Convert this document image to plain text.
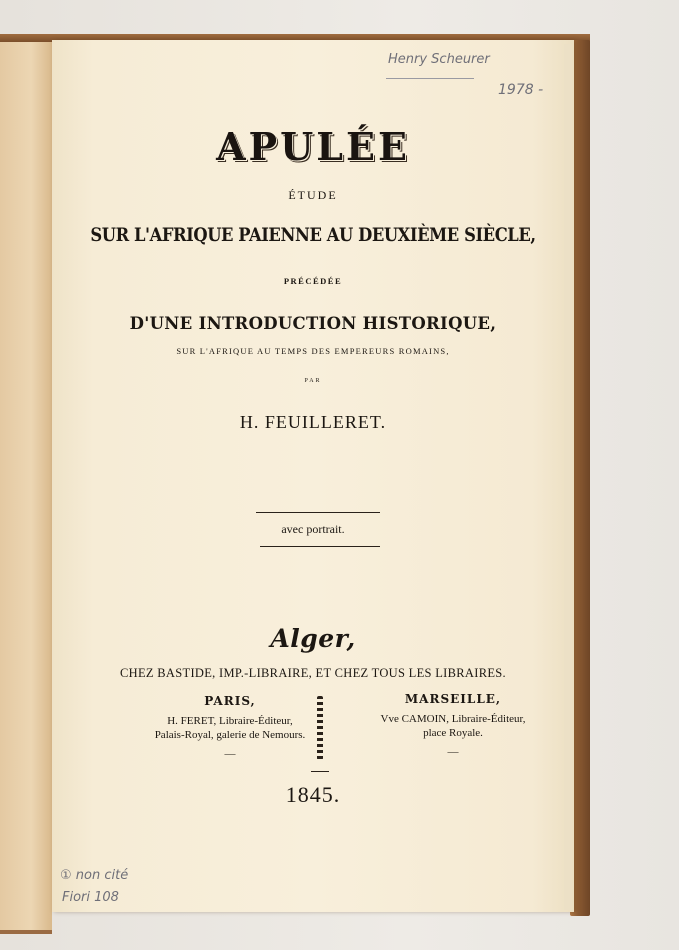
APULÉE
ÉTUDE
SUR L'AFRIQUE PAIENNE AU DEUXIÈME SIÈCLE,
PRÉCÉDÉE
D'UNE INTRODUCTION HISTORIQUE,
SUR L'AFRIQUE AU TEMPS DES EMPEREURS ROMAINS,
PAR
H. FEUILLERET.
avec portrait.
Alger,
CHEZ BASTIDE, IMP.-LIBRAIRE, ET CHEZ TOUS LES LIBRAIRES.
PARIS,
H. FERET, Libraire-Éditeur,
Palais-Royal, galerie de Nemours.
—
MARSEILLE,
Vve CAMOIN, Libraire-Éditeur,
place Royale.
—
1845.
Henry Scheurer
1978 -
① non cité
Fiori 108
